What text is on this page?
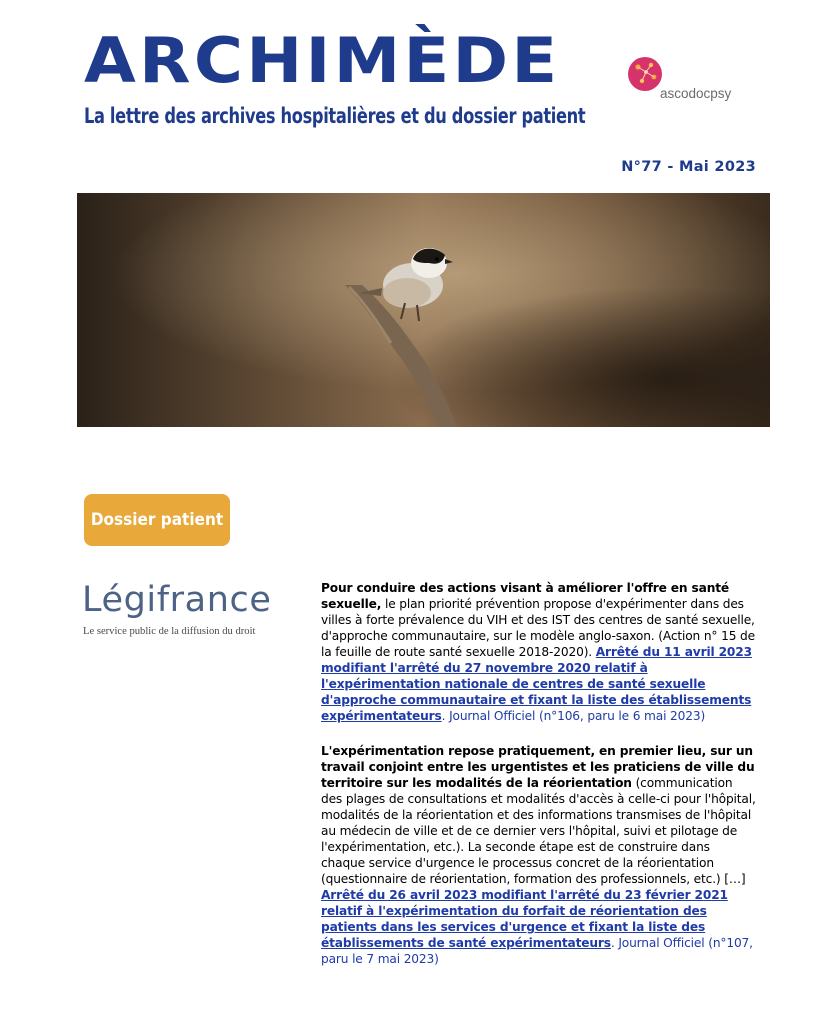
ARCHIMÈDE
La lettre des archives hospitalières et du dossier patient
ascodocpsy
N°77 - Mai 2023
Dossier patient
Légifrance
Le service public de la diffusion du droit

Pour conduire des actions visant à améliorer l'offre en santé sexuelle, le plan priorité prévention propose d'expérimenter dans des villes à forte prévalence du VIH et des IST des centres de santé sexuelle, d'approche communautaire, sur le modèle anglo-saxon. (Action n° 15 de la feuille de route santé sexuelle 2018-2020). Arrêté du 11 avril 2023 modifiant l'arrêté du 27 novembre 2020 relatif à l'expérimentation nationale de centres de santé sexuelle d'approche communautaire et fixant la liste des établissements expérimentateurs. Journal Officiel (n°106, paru le 6 mai 2023)

L'expérimentation repose pratiquement, en premier lieu, sur un travail conjoint entre les urgentistes et les praticiens de ville du territoire sur les modalités de la réorientation (communication des plages de consultations et modalités d'accès à celle-ci pour l'hôpital, modalités de la réorientation et des informations transmises de l'hôpital au médecin de ville et de ce dernier vers l'hôpital, suivi et pilotage de l'expérimentation, etc.). La seconde étape est de construire dans chaque service d'urgence le processus concret de la réorientation (questionnaire de réorientation, formation des professionnels, etc.) […] Arrêté du 26 avril 2023 modifiant l'arrêté du 23 février 2021 relatif à l'expérimentation du forfait de réorientation des patients dans les services d'urgence et fixant la liste des établissements de santé expérimentateurs. Journal Officiel (n°107, paru le 7 mai 2023)
